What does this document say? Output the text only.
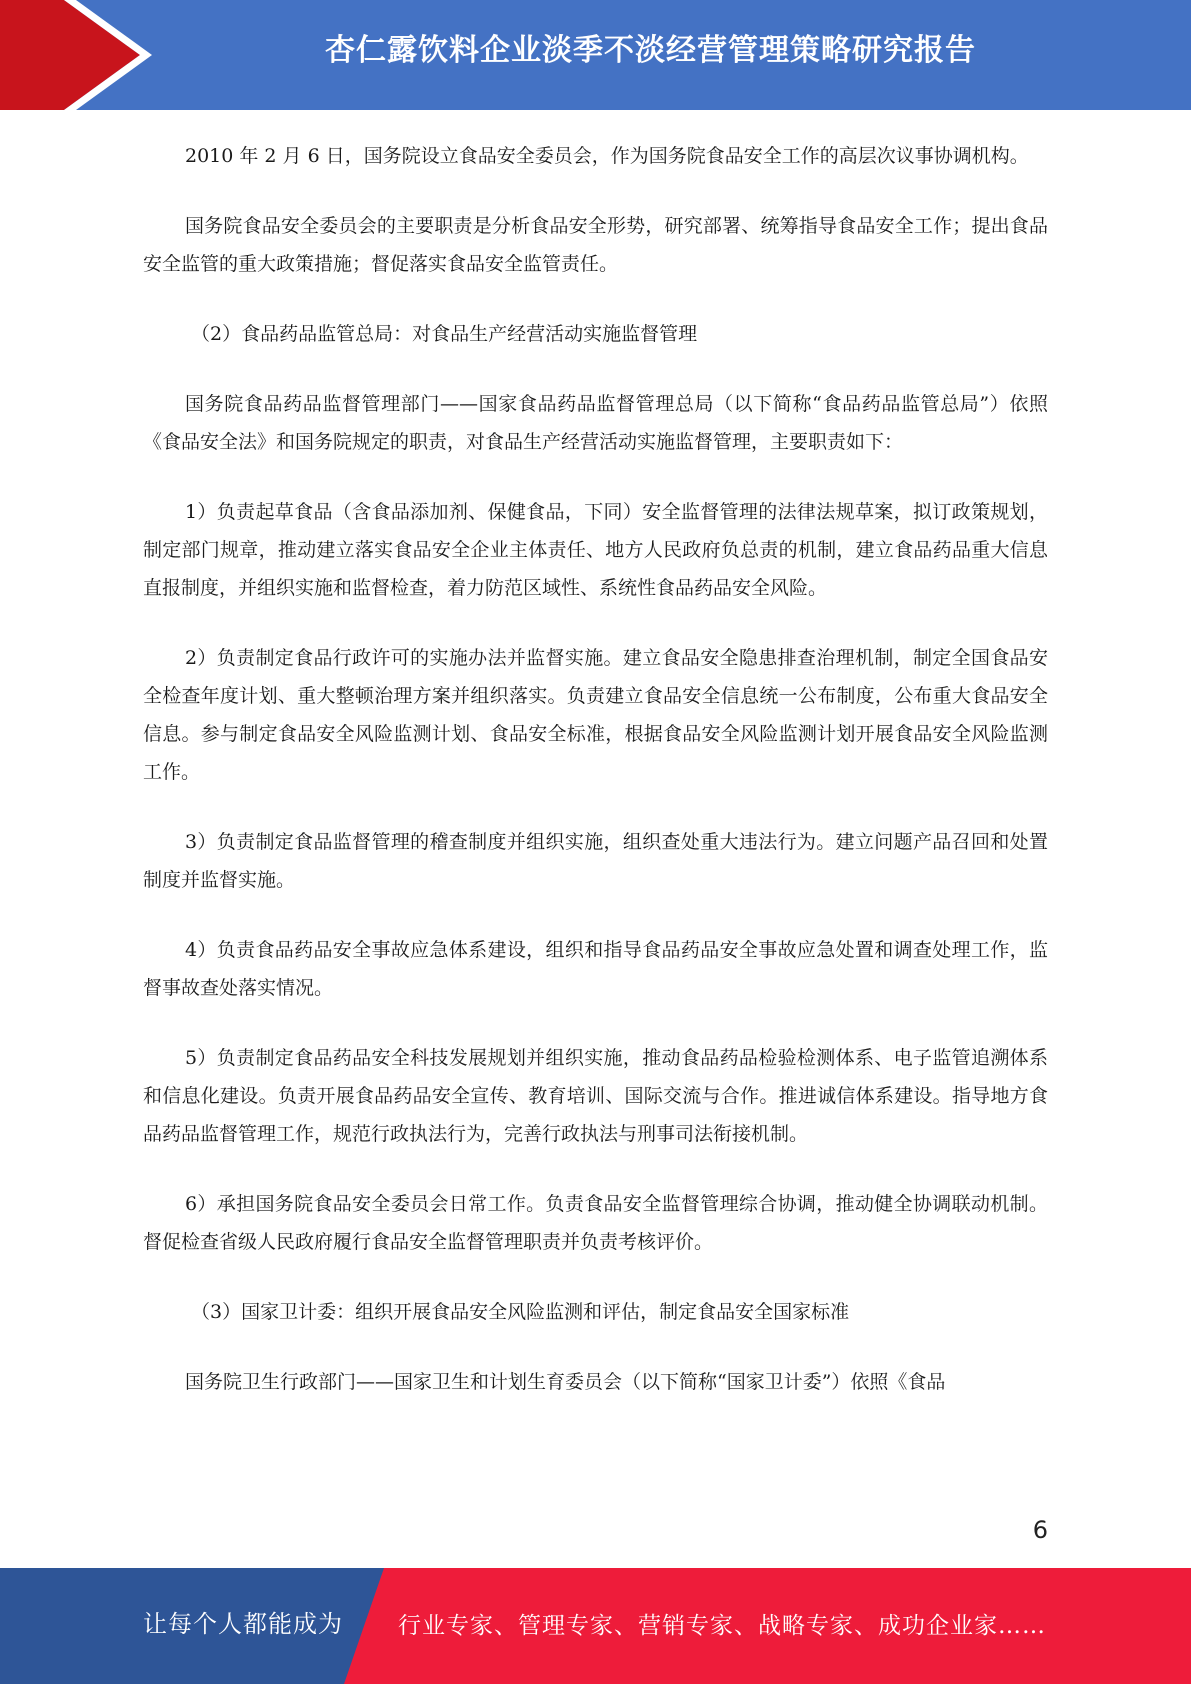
杏仁露饮料企业淡季不淡经营管理策略研究报告

2010 年 2 月 6 日，国务院设立食品安全委员会，作为国务院食品安全工作的高层次议事协调机构。

国务院食品安全委员会的主要职责是分析食品安全形势，研究部署、统筹指导食品安全工作；提出食品安全监管的重大政策措施；督促落实食品安全监管责任。

（2）食品药品监管总局：对食品生产经营活动实施监督管理

国务院食品药品监督管理部门——国家食品药品监督管理总局（以下简称“食品药品监管总局”）依照《食品安全法》和国务院规定的职责，对食品生产经营活动实施监督管理，主要职责如下：

1）负责起草食品（含食品添加剂、保健食品，下同）安全监督管理的法律法规草案，拟订政策规划，制定部门规章，推动建立落实食品安全企业主体责任、地方人民政府负总责的机制，建立食品药品重大信息直报制度，并组织实施和监督检查，着力防范区域性、系统性食品药品安全风险。

2）负责制定食品行政许可的实施办法并监督实施。建立食品安全隐患排查治理机制，制定全国食品安全检查年度计划、重大整顿治理方案并组织落实。负责建立食品安全信息统一公布制度，公布重大食品安全信息。参与制定食品安全风险监测计划、食品安全标准，根据食品安全风险监测计划开展食品安全风险监测工作。

3）负责制定食品监督管理的稽查制度并组织实施，组织查处重大违法行为。建立问题产品召回和处置制度并监督实施。

4）负责食品药品安全事故应急体系建设，组织和指导食品药品安全事故应急处置和调查处理工作，监督事故查处落实情况。

5）负责制定食品药品安全科技发展规划并组织实施，推动食品药品检验检测体系、电子监管追溯体系和信息化建设。负责开展食品药品安全宣传、教育培训、国际交流与合作。推进诚信体系建设。指导地方食品药品监督管理工作，规范行政执法行为，完善行政执法与刑事司法衔接机制。

6）承担国务院食品安全委员会日常工作。负责食品安全监督管理综合协调，推动健全协调联动机制。督促检查省级人民政府履行食品安全监督管理职责并负责考核评价。

（3）国家卫计委：组织开展食品安全风险监测和评估，制定食品安全国家标准

国务院卫生行政部门——国家卫生和计划生育委员会（以下简称“国家卫计委”）依照《食品

6
让每个人都能成为 行业专家、管理专家、营销专家、战略专家、成功企业家……
